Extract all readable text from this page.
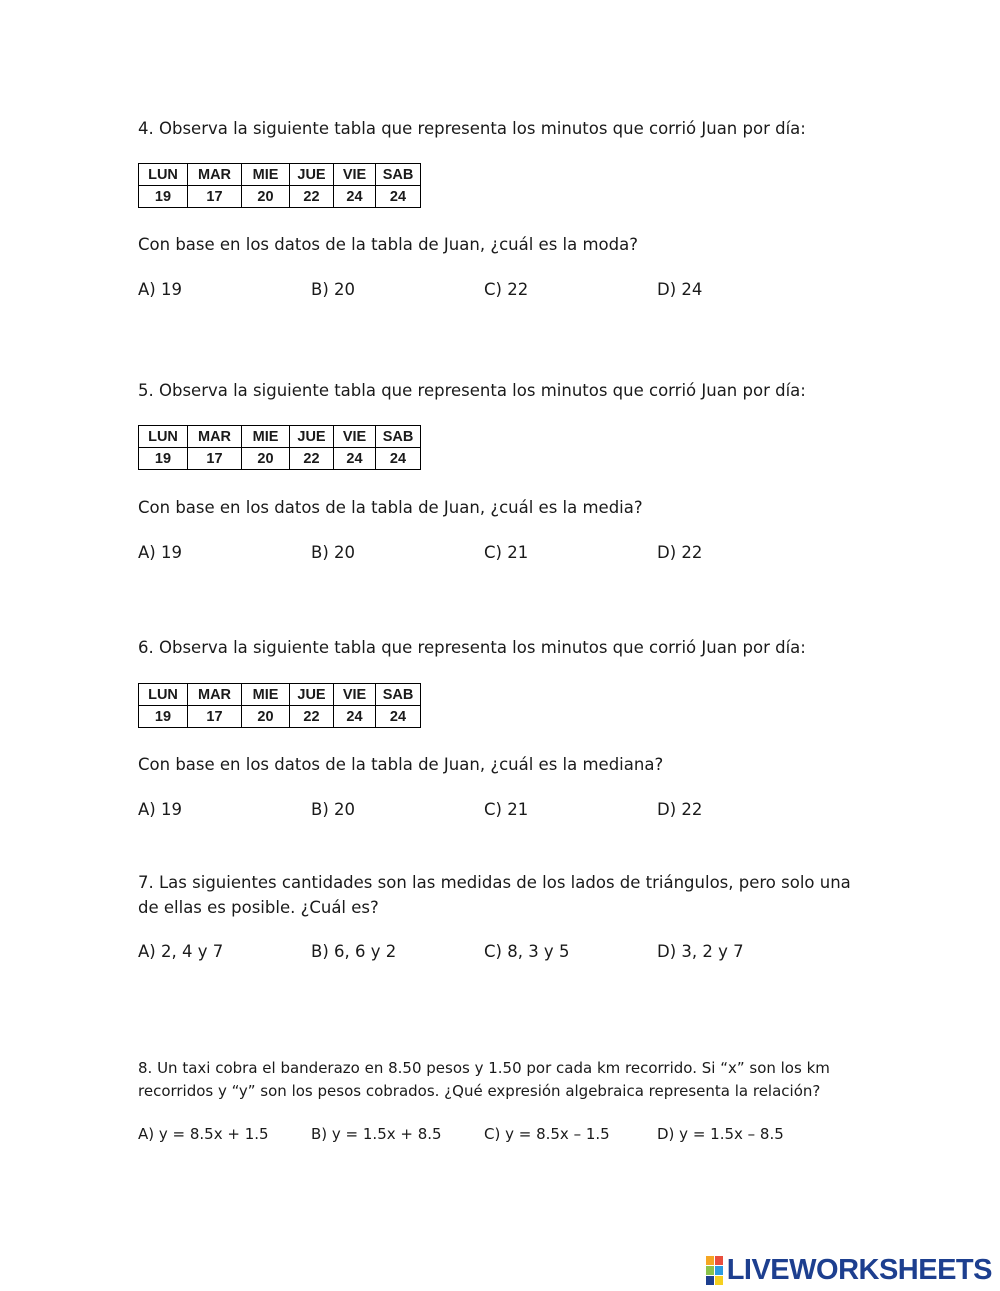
4. Observa la siguiente tabla que representa los minutos que corrió Juan por día:
LUN	MAR	MIE	JUE	VIE	SAB
19	17	20	22	24	24
Con base en los datos de la tabla de Juan, ¿cuál es la moda?
A) 19	B) 20	C) 22	D) 24
5. Observa la siguiente tabla que representa los minutos que corrió Juan por día:
LUN	MAR	MIE	JUE	VIE	SAB
19	17	20	22	24	24
Con base en los datos de la tabla de Juan, ¿cuál es la media?
A) 19	B) 20	C) 21	D) 22
6. Observa la siguiente tabla que representa los minutos que corrió Juan por día:
LUN	MAR	MIE	JUE	VIE	SAB
19	17	20	22	24	24
Con base en los datos de la tabla de Juan, ¿cuál es la mediana?
A) 19	B) 20	C) 21	D) 22
7. Las siguientes cantidades son las medidas de los lados de triángulos, pero solo una
de ellas es posible. ¿Cuál es?
A) 2, 4 y 7	B) 6, 6 y 2	C) 8, 3 y 5	D) 3, 2 y 7
8. Un taxi cobra el banderazo en 8.50 pesos y 1.50 por cada km recorrido. Si “x” son los km
recorridos y “y” son los pesos cobrados. ¿Qué expresión algebraica representa la relación?
A) y = 8.5x + 1.5	B) y = 1.5x + 8.5	C) y = 8.5x – 1.5	D) y = 1.5x – 8.5
LIVEWORKSHEETS
